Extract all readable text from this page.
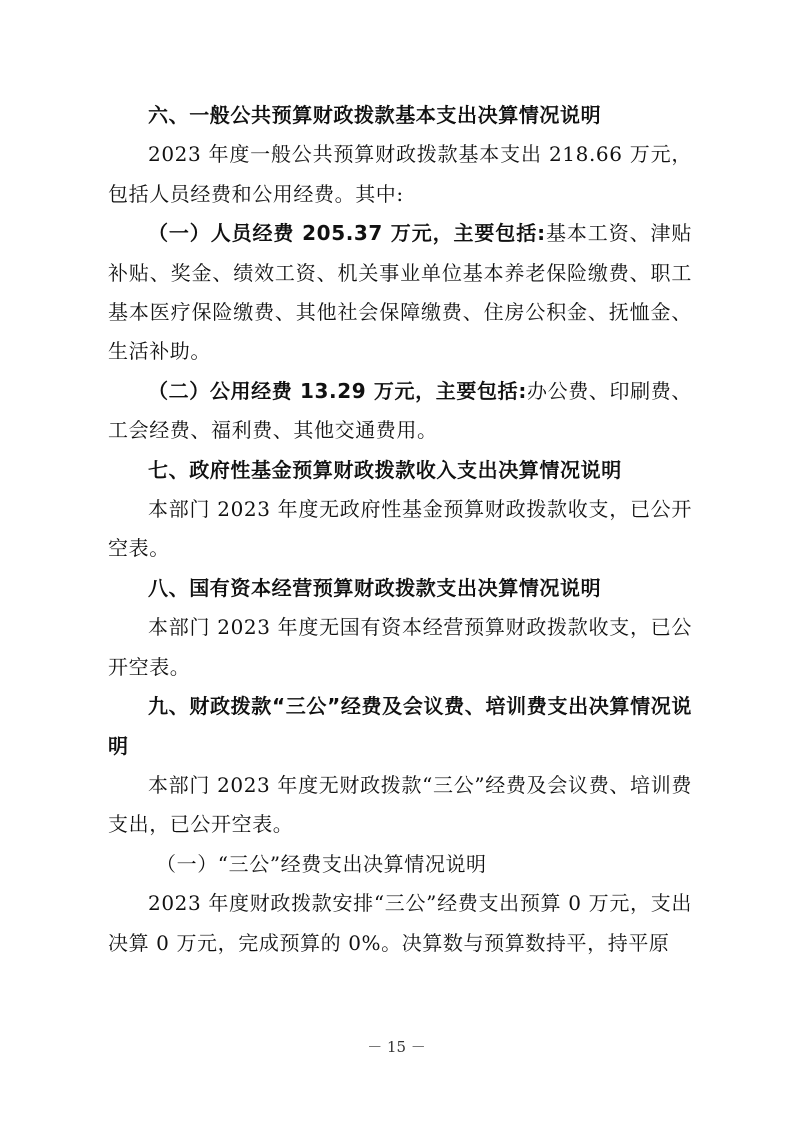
六、一般公共预算财政拨款基本支出决算情况说明

2023 年度一般公共预算财政拨款基本支出 218.66 万元，包括人员经费和公用经费。其中:

（一）人员经费 205.37 万元，主要包括:基本工资、津贴补贴、奖金、绩效工资、机关事业单位基本养老保险缴费、职工基本医疗保险缴费、其他社会保障缴费、住房公积金、抚恤金、生活补助。

（二）公用经费 13.29 万元，主要包括:办公费、印刷费、工会经费、福利费、其他交通费用。

七、政府性基金预算财政拨款收入支出决算情况说明

本部门 2023 年度无政府性基金预算财政拨款收支，已公开空表。

八、国有资本经营预算财政拨款支出决算情况说明

本部门 2023 年度无国有资本经营预算财政拨款收支，已公开空表。

九、财政拨款“三公”经费及会议费、培训费支出决算情况说明

本部门 2023 年度无财政拨款“三公”经费及会议费、培训费支出，已公开空表。

（一）“三公”经费支出决算情况说明

2023 年度财政拨款安排“三公”经费支出预算 0 万元，支出决算 0 万元，完成预算的 0%。决算数与预算数持平，持平原

－ 15 －
